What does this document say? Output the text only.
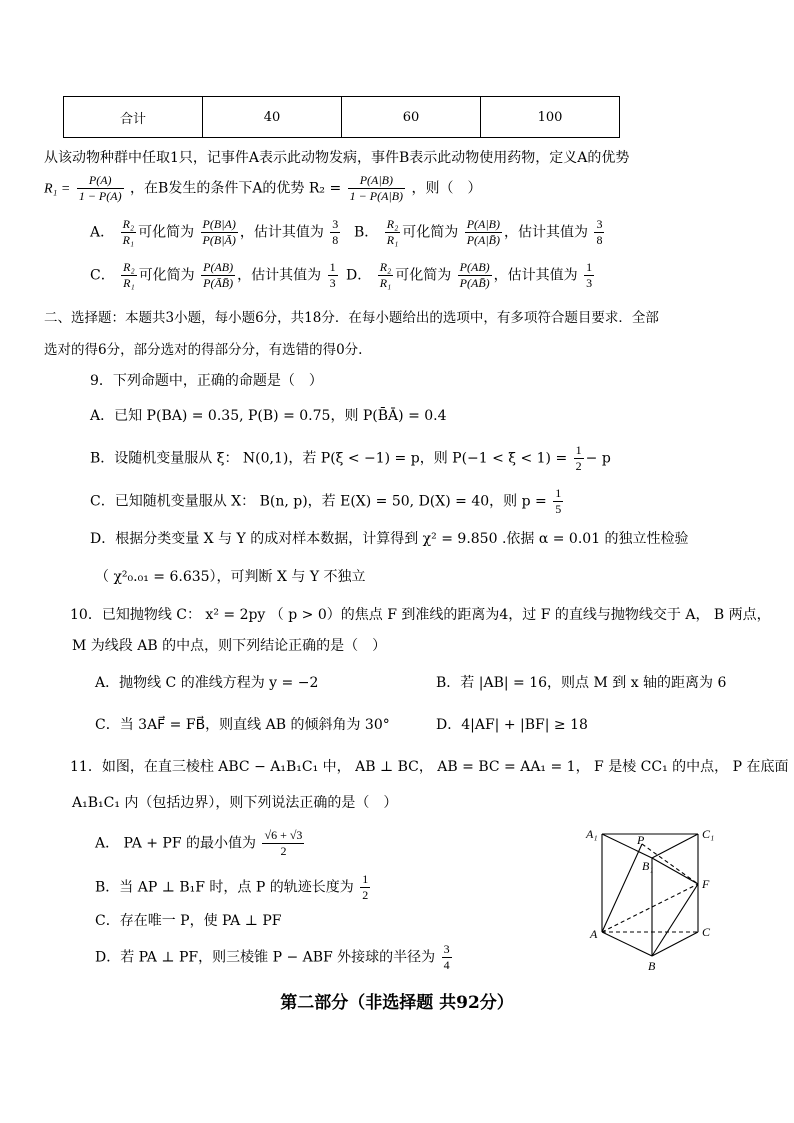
合计	40	60	100
从该动物种群中任取1只，记事件A表示此动物发病，事件B表示此动物使用药物，定义A的优势
$R_1 = \frac{P(A)}{1 - P(A)}$ ，在B发生的条件下A的优势 $R_2 = \frac{P(A|B)}{1 - P(A|B)}$ ，则（　）
A． $\frac{\text{R₂}}{\text{R₁}}$ 可化简为 $\frac{P(B|A)}{P(B|Ā)}$ ，估计其值为 $\frac{3}{8}$ B． $\frac{\text{R₂}}{\text{R₁}}$ 可化简为 $\frac{P(A|B)}{P(A|B̄)}$ ，估计其值为 $\frac{3}{8}$
C． $\frac{\text{R₂}}{\text{R₁}}$ 可化简为 $\frac{P(AB)}{P(ĀB̄)}$ ，估计其值为 $\frac{1}{3}$ D． $\frac{\text{R₂}}{\text{R₁}}$ 可化简为 $\frac{P(AB)}{P(AB̄)}$ ，估计其值为 $\frac{1}{3}$
二、选择题：本题共3小题，每小题6分，共18分．在每小题给出的选项中，有多项符合题目要求．全部
选对的得6分，部分选对的得部分分，有选错的得0分.
9．下列命题中，正确的命题是（　）
A．已知 P(BA) = 0.35, P(B) = 0.75，则 P(B̄Ā) = 0.4
B．设随机变量服从 ξ： N(0,1)，若 P(ξ < −1) = p，则 $P(-1 < \xi < 1) = \frac{1}{2} - p$
C．已知随机变量服从 X： B(n, p)，若 E(X) = 50, D(X) = 40，则 $p = \frac{1}{5}$
D．根据分类变量 X 与 Y 的成对样本数据，计算得到 χ² = 9.850 .依据 α = 0.01 的独立性检验
（ χ²₀.₀₁ = 6.635），可判断 X 与 Y 不独立
10．已知抛物线 C： x² = 2py （ p > 0）的焦点 F 到准线的距离为4，过 F 的直线与抛物线交于 A， B 两点，
M 为线段 AB 的中点，则下列结论正确的是（　）
A．抛物线 C 的准线方程为 y = −2	B．若 |AB| = 16，则点 M 到 x 轴的距离为 6
C．当 3AF⃗ = FB⃗，则直线 AB 的倾斜角为 30°	D．4|AF| + |BF| ≥ 18
11．如图，在直三棱柱 ABC − A₁B₁C₁ 中， AB ⊥ BC， AB = BC = AA₁ = 1， F 是棱 CC₁ 的中点， P 在底面
A₁B₁C₁ 内（包括边界），则下列说法正确的是（　）
A． PA + PF 的最小值为 $\frac{√6 + √3}{2}$
B．当 AP ⊥ B₁F 时，点 P 的轨迹长度为 $\frac{1}{2}$
C．存在唯一 P，使 PA ⊥ PF
D．若 PA ⊥ PF，则三棱锥 P − ABF 外接球的半径为 $\frac{3}{4}$
A₁	P
B₁
C₁
F
A	C
B
第二部分（非选择题 共92分）
